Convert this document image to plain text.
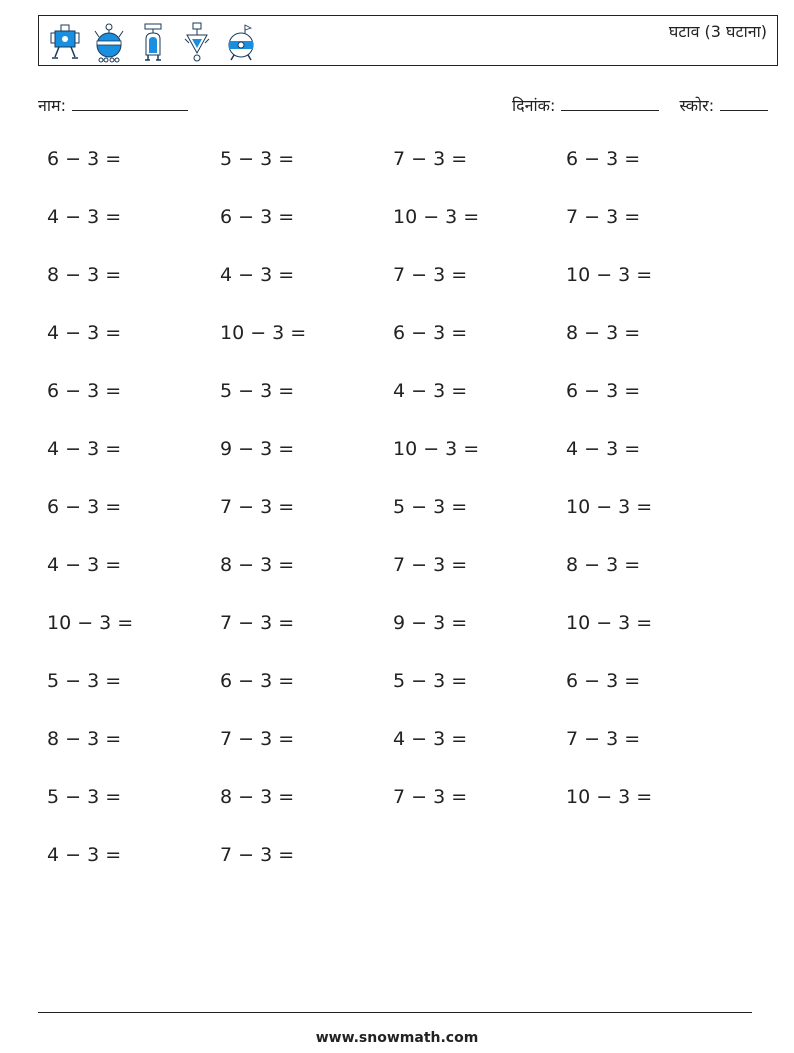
घटाव (3 घटाना)
नाम:	दिनांक:	स्कोर:
6 − 3 =	5 − 3 =	7 − 3 =	6 − 3 =
4 − 3 =	6 − 3 =	10 − 3 =	7 − 3 =
8 − 3 =	4 − 3 =	7 − 3 =	10 − 3 =
4 − 3 =	10 − 3 =	6 − 3 =	8 − 3 =
6 − 3 =	5 − 3 =	4 − 3 =	6 − 3 =
4 − 3 =	9 − 3 =	10 − 3 =	4 − 3 =
6 − 3 =	7 − 3 =	5 − 3 =	10 − 3 =
4 − 3 =	8 − 3 =	7 − 3 =	8 − 3 =
10 − 3 =	7 − 3 =	9 − 3 =	10 − 3 =
5 − 3 =	6 − 3 =	5 − 3 =	6 − 3 =
8 − 3 =	7 − 3 =	4 − 3 =	7 − 3 =
5 − 3 =	8 − 3 =	7 − 3 =	10 − 3 =
4 − 3 =	7 − 3 =
www.snowmath.com
